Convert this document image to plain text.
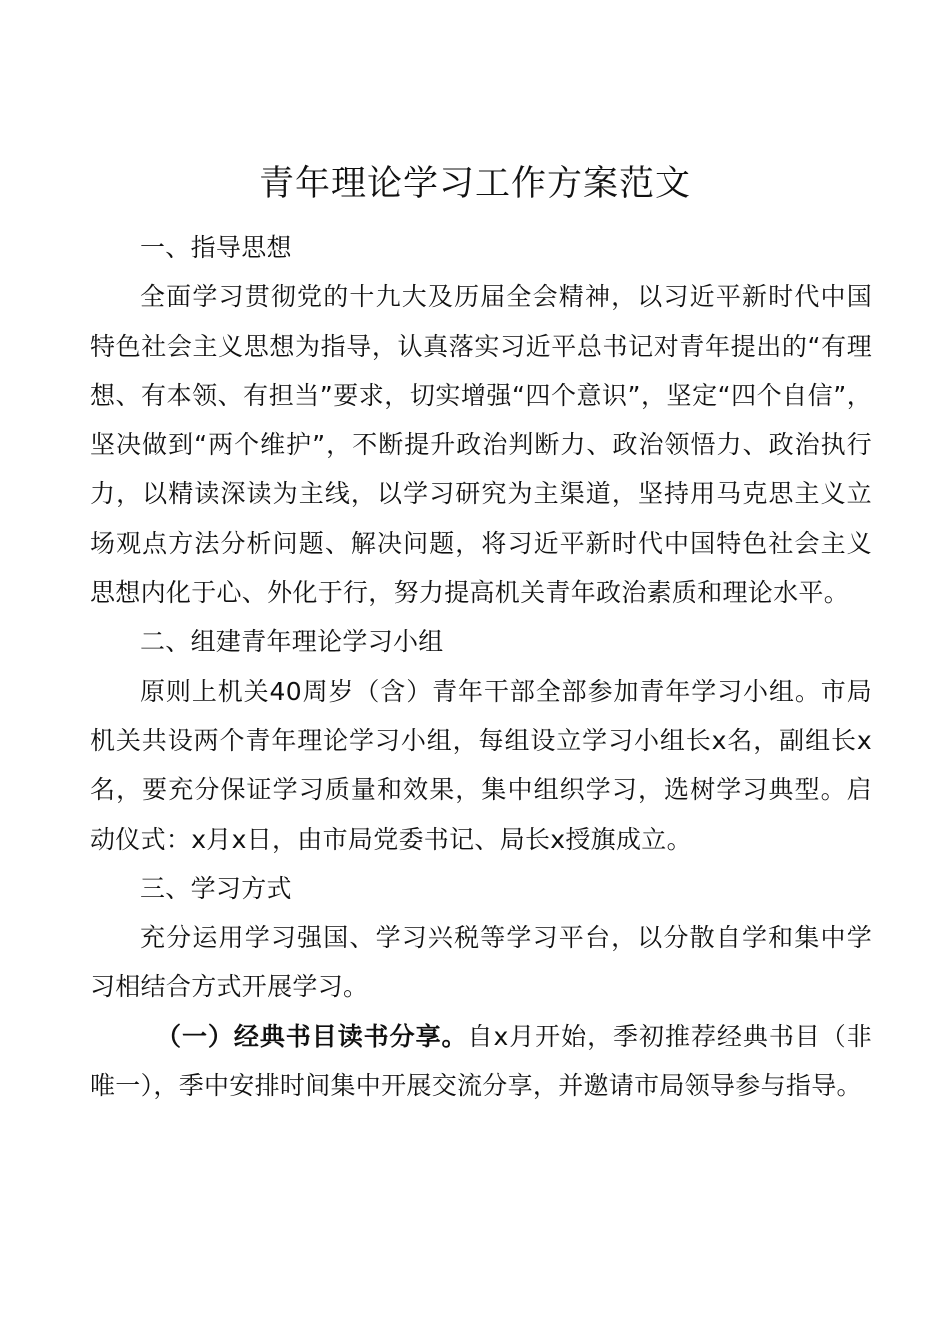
青年理论学习工作方案范文

一、指导思想

全面学习贯彻党的十九大及历届全会精神，以习近平新时代中国特色社会主义思想为指导，认真落实习近平总书记对青年提出的“有理想、有本领、有担当”要求，切实增强“四个意识”，坚定“四个自信”，坚决做到“两个维护”，不断提升政治判断力、政治领悟力、政治执行力，以精读深读为主线，以学习研究为主渠道，坚持用马克思主义立场观点方法分析问题、解决问题，将习近平新时代中国特色社会主义思想内化于心、外化于行，努力提高机关青年政治素质和理论水平。

二、组建青年理论学习小组

原则上机关40周岁（含）青年干部全部参加青年学习小组。市局机关共设两个青年理论学习小组，每组设立学习小组长x名，副组长x名，要充分保证学习质量和效果，集中组织学习，选树学习典型。启动仪式：x月x日，由市局党委书记、局长x授旗成立。

三、学习方式

充分运用学习强国、学习兴税等学习平台，以分散自学和集中学习相结合方式开展学习。

（一）经典书目读书分享。自x月开始，季初推荐经典书目（非唯一），季中安排时间集中开展交流分享，并邀请市局领导参与指导。
